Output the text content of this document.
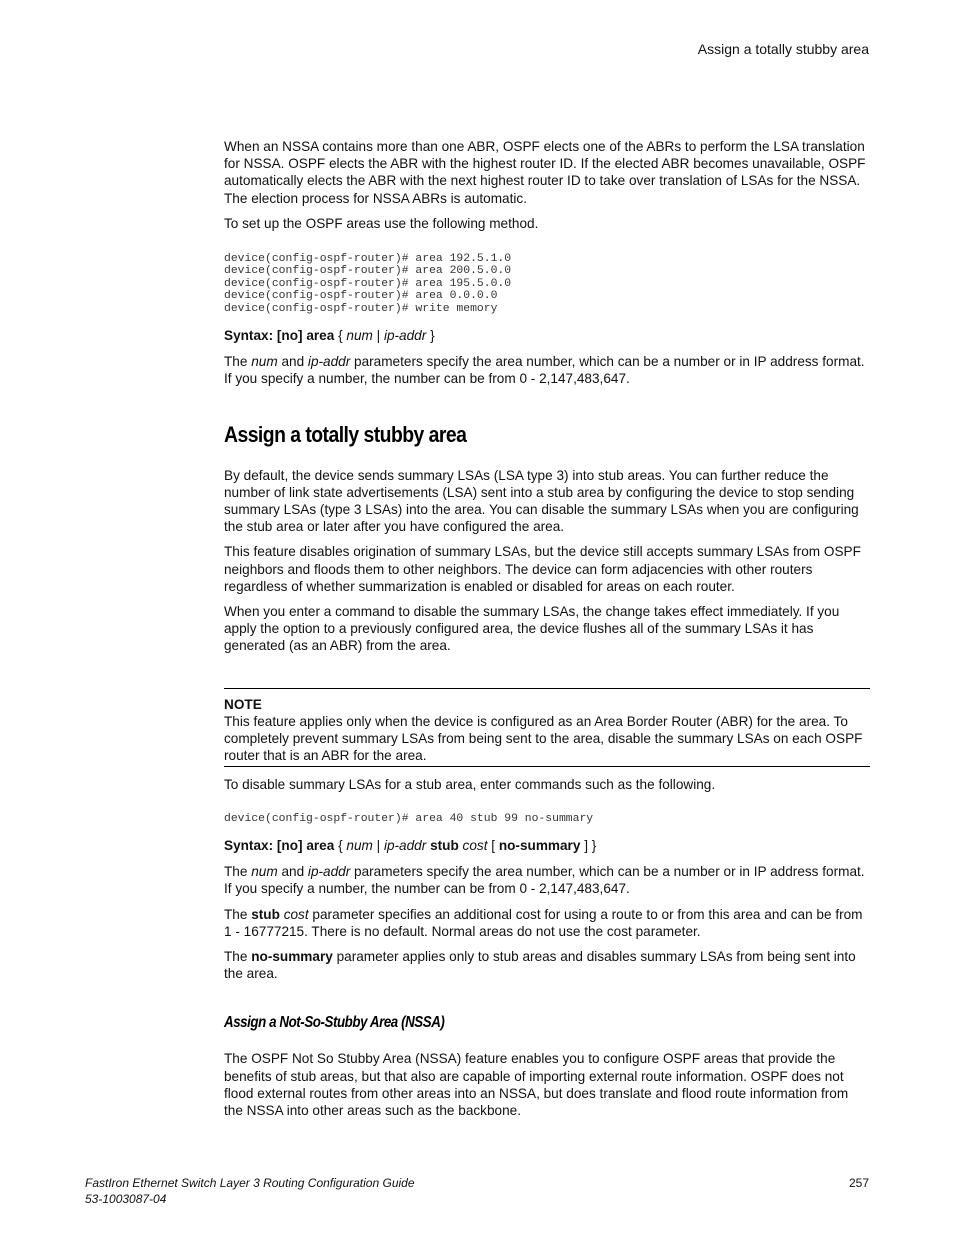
Assign a totally stubby area

When an NSSA contains more than one ABR, OSPF elects one of the ABRs to perform the LSA translation for NSSA. OSPF elects the ABR with the highest router ID. If the elected ABR becomes unavailable, OSPF automatically elects the ABR with the next highest router ID to take over translation of LSAs for the NSSA. The election process for NSSA ABRs is automatic.

To set up the OSPF areas use the following method.

device(config-ospf-router)# area 192.5.1.0
device(config-ospf-router)# area 200.5.0.0
device(config-ospf-router)# area 195.5.0.0
device(config-ospf-router)# area 0.0.0.0
device(config-ospf-router)# write memory

Syntax: [no] area { num | ip-addr }

The num and ip-addr parameters specify the area number, which can be a number or in IP address format. If you specify a number, the number can be from 0 - 2,147,483,647.

Assign a totally stubby area

By default, the device sends summary LSAs (LSA type 3) into stub areas. You can further reduce the number of link state advertisements (LSA) sent into a stub area by configuring the device to stop sending summary LSAs (type 3 LSAs) into the area. You can disable the summary LSAs when you are configuring the stub area or later after you have configured the area.

This feature disables origination of summary LSAs, but the device still accepts summary LSAs from OSPF neighbors and floods them to other neighbors. The device can form adjacencies with other routers regardless of whether summarization is enabled or disabled for areas on each router.

When you enter a command to disable the summary LSAs, the change takes effect immediately. If you apply the option to a previously configured area, the device flushes all of the summary LSAs it has generated (as an ABR) from the area.

NOTE

This feature applies only when the device is configured as an Area Border Router (ABR) for the area. To completely prevent summary LSAs from being sent to the area, disable the summary LSAs on each OSPF router that is an ABR for the area.

To disable summary LSAs for a stub area, enter commands such as the following.

device(config-ospf-router)# area 40 stub 99 no-summary

Syntax: [no] area { num | ip-addr stub cost [ no-summary ] }

The num and ip-addr parameters specify the area number, which can be a number or in IP address format. If you specify a number, the number can be from 0 - 2,147,483,647.

The stub cost parameter specifies an additional cost for using a route to or from this area and can be from 1 - 16777215. There is no default. Normal areas do not use the cost parameter.

The no-summary parameter applies only to stub areas and disables summary LSAs from being sent into the area.

Assign a Not-So-Stubby Area (NSSA)

The OSPF Not So Stubby Area (NSSA) feature enables you to configure OSPF areas that provide the benefits of stub areas, but that also are capable of importing external route information. OSPF does not flood external routes from other areas into an NSSA, but does translate and flood route information from the NSSA into other areas such as the backbone.

FastIron Ethernet Switch Layer 3 Routing Configuration Guide
53-1003087-04
257
